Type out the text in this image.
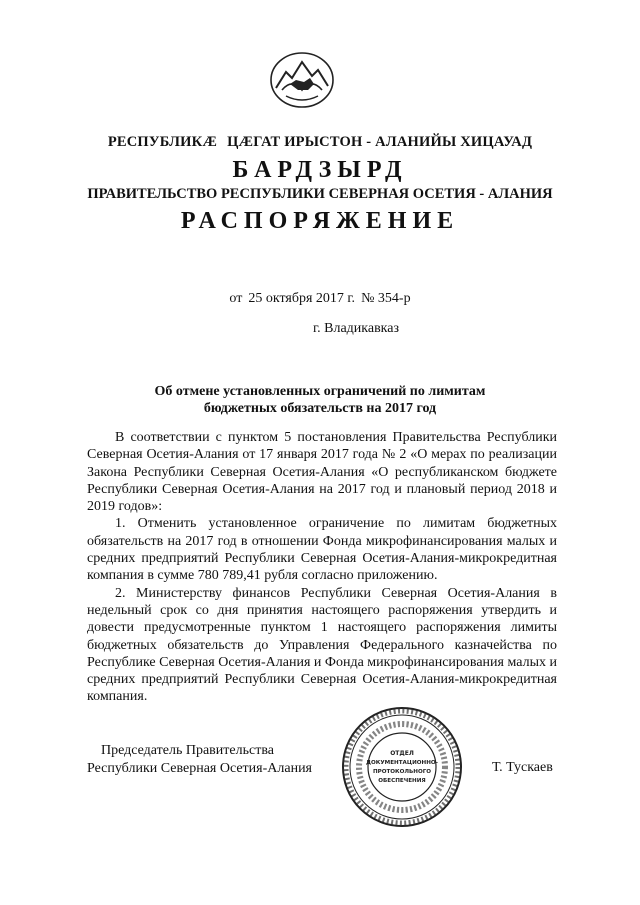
РЕСПУБЛИКӔ ЦӔГАТ ИРЫСТОН - АЛАНИЙЫ ХИЦАУАД
БАРДЗЫРД
ПРАВИТЕЛЬСТВО РЕСПУБЛИКИ СЕВЕРНАЯ ОСЕТИЯ - АЛАНИЯ
РАСПОРЯЖЕНИЕ
от 25 октября 2017 г. № 354-р
г. Владикавказ
Об отмене установленных ограничений по лимитам
бюджетных обязательств на 2017 год

В соответствии с пунктом 5 постановления Правительства Республики Северная Осетия-Алания от 17 января 2017 года № 2 «О мерах по реализации Закона Республики Северная Осетия-Алания «О республиканском бюджете Республики Северная Осетия-Алания на 2017 год и плановый период 2018 и 2019 годов»:

1. Отменить установленное ограничение по лимитам бюджетных обязательств на 2017 год в отношении Фонда микрофинансирования малых и средних предприятий Республики Северная Осетия-Алания-микрокредитная компания в сумме 780 789,41 рубля согласно приложению.

2. Министерству финансов Республики Северная Осетия-Алания в недельный срок со дня принятия настоящего распоряжения утвердить и довести предусмотренные пунктом 1 настоящего распоряжения лимиты бюджетных обязательств до Управления Федерального казначейства по Республике Северная Осетия-Алания и Фонда микрофинансирования малых и средних предприятий Республики Северная Осетия-Алания-микрокредитная компания.

Председатель Правительства
Республики Северная Осетия-Алания
ОТДЕЛ
ДОКУМЕНТАЦИОННО-
ПРОТОКОЛЬНОГО
ОБЕСПЕЧЕНИЯ
Т. Тускаев
